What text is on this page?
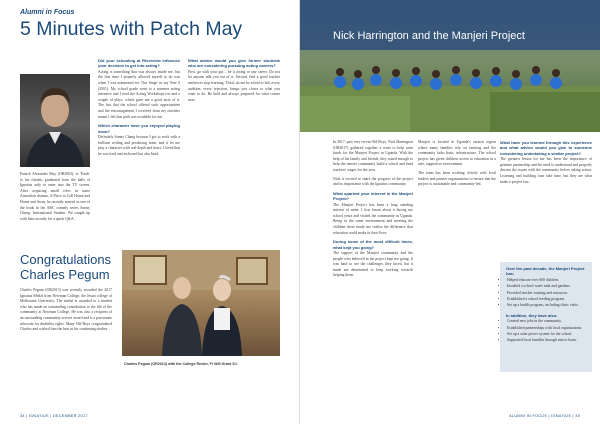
Alumni in Focus
5 Minutes with Patch May

Patrick Alexander May (OR2003), or 'Patch' to his friends, graduated from the halls of Ignatius only to enter into the TV screen. After acquiring small roles in some Australian dramas, A Place to Call Home and Home and Away, he recently starred as one of the leads in the ABC comedy series Sonny Chang: International Student. We caught up with him recently for a quick Q&A.

Did your schooling at Riverview influence your decision to get into acting?

Acting is something that was always inside me, but the first time I properly allowed myself to do was when I was nominated for 'Our Stage' in my Year 8 (2001). My school grade went to a summer acting intensive and I tried the Acting Workshops too and a couple of plays, which gave me a good taste of it. The fact that the school offered such opportunities and the encouragement I received from my teachers meant I felt that path was available for me.

Which character have you enjoyed playing most?

Definitely Sonny Chang because I got to work with a brilliant writing and producing team, and it let me play a character with real depth and heart. I loved that he was loud and awkward but also kind.

What advice would you give former students who are considering pursuing acting careers?

First, go with your gut – be it acting or any career. Do not let anyone talk you out of it. Second, find a good teacher and never stop learning. Third, do not be afraid to fail; every audition, every rejection, brings you closer to what you want to do. Be bold and always prepared for what comes next.

Congratulations
Charles Pegum

Charles Pegum (OR2013) was recently awarded the 2017 Ignatius Medal from Newman College, the Jesuit college of Melbourne University. The medal is awarded to a student who has made an outstanding contribution to the life of the community at Newman College. He was also a recipient of an outstanding community service award and is a passionate advocate for disability rights. Many Old Boys congratulated Charles and wished him the best in his continuing studies.

Charles Pegum (OR2013) with the College Rector, Fr Will Grant SJ.
34 | IGNATIUS | DECEMBER 2017
Nick Harrington and the Manjeri Project

In 2017, past very recent Old Boys, Nick Harrington (OR2017) gathered together a team to help raise funds for the Manjeri Project in Uganda. With the help of his family and friends, they raised enough to help the remote community build a school and fund teachers' wages for the year.

Nick is excited to share the progress of the project and its importance with the Ignatius community.

What sparked your interest in the Manjeri Project?

The Manjeri Project has been a long standing interest of mine. I first learnt about it during my school years and visited the community in Uganda. Being in the same environment and meeting the children there made me realise the difference that education could make in their lives.

During some of the most difficult times, what kept you going?

The support of the Manjeri community and the people who believed in the project kept me going. It was hard to see the challenges they faced, but it made me determined to keep working towards helping them.

Manjeri is located in Uganda's eastern region where many families rely on farming and the community lacks basic infrastructure. The school project has given children access to education in a safe, supportive environment.

The team has been working closely with local leaders and partner organisations to ensure that the project is sustainable and community-led.

What have you learned through this experience and what advice would you give to someone considering undertaking a similar project?

The greatest lesson for me has been the importance of genuine partnership and the need to understand and properly discuss the issues with the community before taking action. Listening and building trust take time, but they are what make a project last.

Over the past decade, the Manjeri Project has:
• Helped educate over 600 children.
• Installed a school water tank and gardens.
• Provided teacher training and resources.
• Established a school feeding program.
• Set up a health program, including clinic visits.
In addition, they have also:
• Created new jobs in the community.
• Established partnerships with local organisations.
• Set up a solar power system for the school.
• Supported local families through micro-loans.
ALUMNI IN FOCUS | IGNATIUS | 35
